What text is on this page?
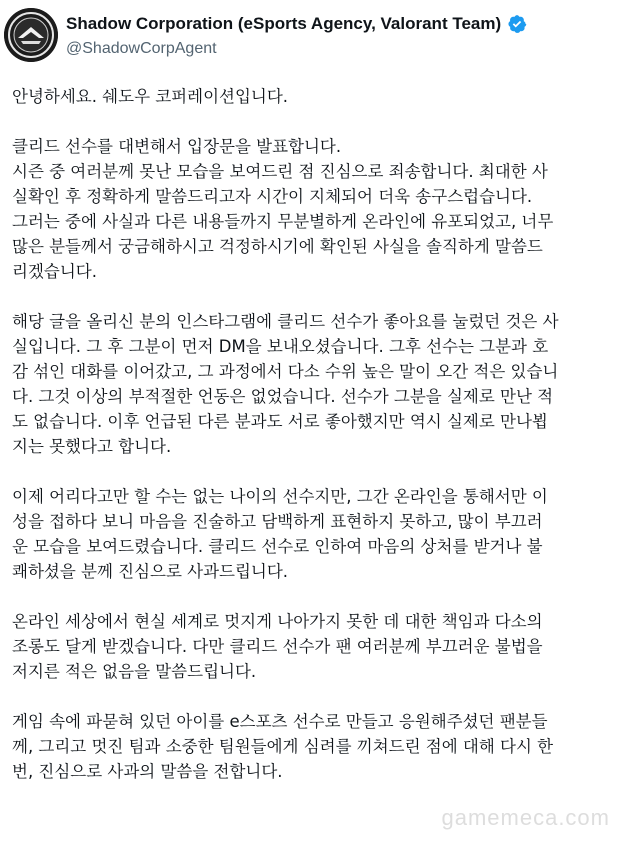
Shadow Corporation (eSports Agency, Valorant Team)
@ShadowCorpAgent

안녕하세요. 쉐도우 코퍼레이션입니다.

클리드 선수를 대변해서 입장문을 발표합니다.
시즌 중 여러분께 못난 모습을 보여드린 점 진심으로 죄송합니다. 최대한 사
실확인 후 정확하게 말씀드리고자 시간이 지체되어 더욱 송구스럽습니다.
그러는 중에 사실과 다른 내용들까지 무분별하게 온라인에 유포되었고, 너무
많은 분들께서 궁금해하시고 걱정하시기에 확인된 사실을 솔직하게 말씀드
리겠습니다.

해당 글을 올리신 분의 인스타그램에 클리드 선수가 좋아요를 눌렀던 것은 사
실입니다. 그 후 그분이 먼저 DM을 보내오셨습니다. 그후 선수는 그분과 호
감 섞인 대화를 이어갔고, 그 과정에서 다소 수위 높은 말이 오간 적은 있습니
다. 그것 이상의 부적절한 언동은 없었습니다. 선수가 그분을 실제로 만난 적
도 없습니다. 이후 언급된 다른 분과도 서로 좋아했지만 역시 실제로 만나뵙
지는 못했다고 합니다.

이제 어리다고만 할 수는 없는 나이의 선수지만, 그간 온라인을 통해서만 이
성을 접하다 보니 마음을 진술하고 담백하게 표현하지 못하고, 많이 부끄러
운 모습을 보여드렸습니다. 클리드 선수로 인하여 마음의 상처를 받거나 불
쾌하셨을 분께 진심으로 사과드립니다.

온라인 세상에서 현실 세계로 멋지게 나아가지 못한 데 대한 책임과 다소의
조롱도 달게 받겠습니다. 다만 클리드 선수가 팬 여러분께 부끄러운 불법을
저지른 적은 없음을 말씀드립니다.

게임 속에 파묻혀 있던 아이를 e스포츠 선수로 만들고 응원해주셨던 팬분들
께, 그리고 멋진 팀과 소중한 팀원들에게 심려를 끼쳐드린 점에 대해 다시 한
번, 진심으로 사과의 말씀을 전합니다.

gamemeca.com
